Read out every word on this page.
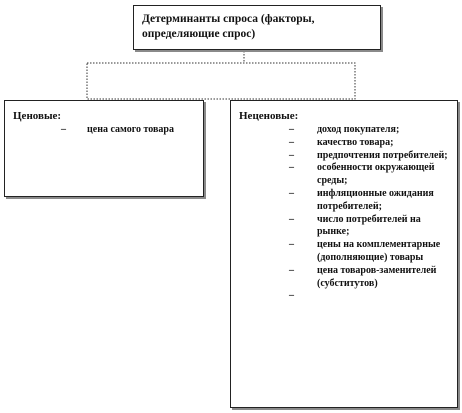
Детерминанты спроса (факторы, определяющие спрос)
Ценовые:
– цена самого товара
Неценовые:
– доход покупателя;
– качество товара;
– предпочтения потребителей;
– особенности окружающей среды;
– инфляционные ожидания потребителей;
– число потребителей на рынке;
– цены на комплементарные (дополняющие) товары
– цена товаров-заменителей (субститутов)
–
